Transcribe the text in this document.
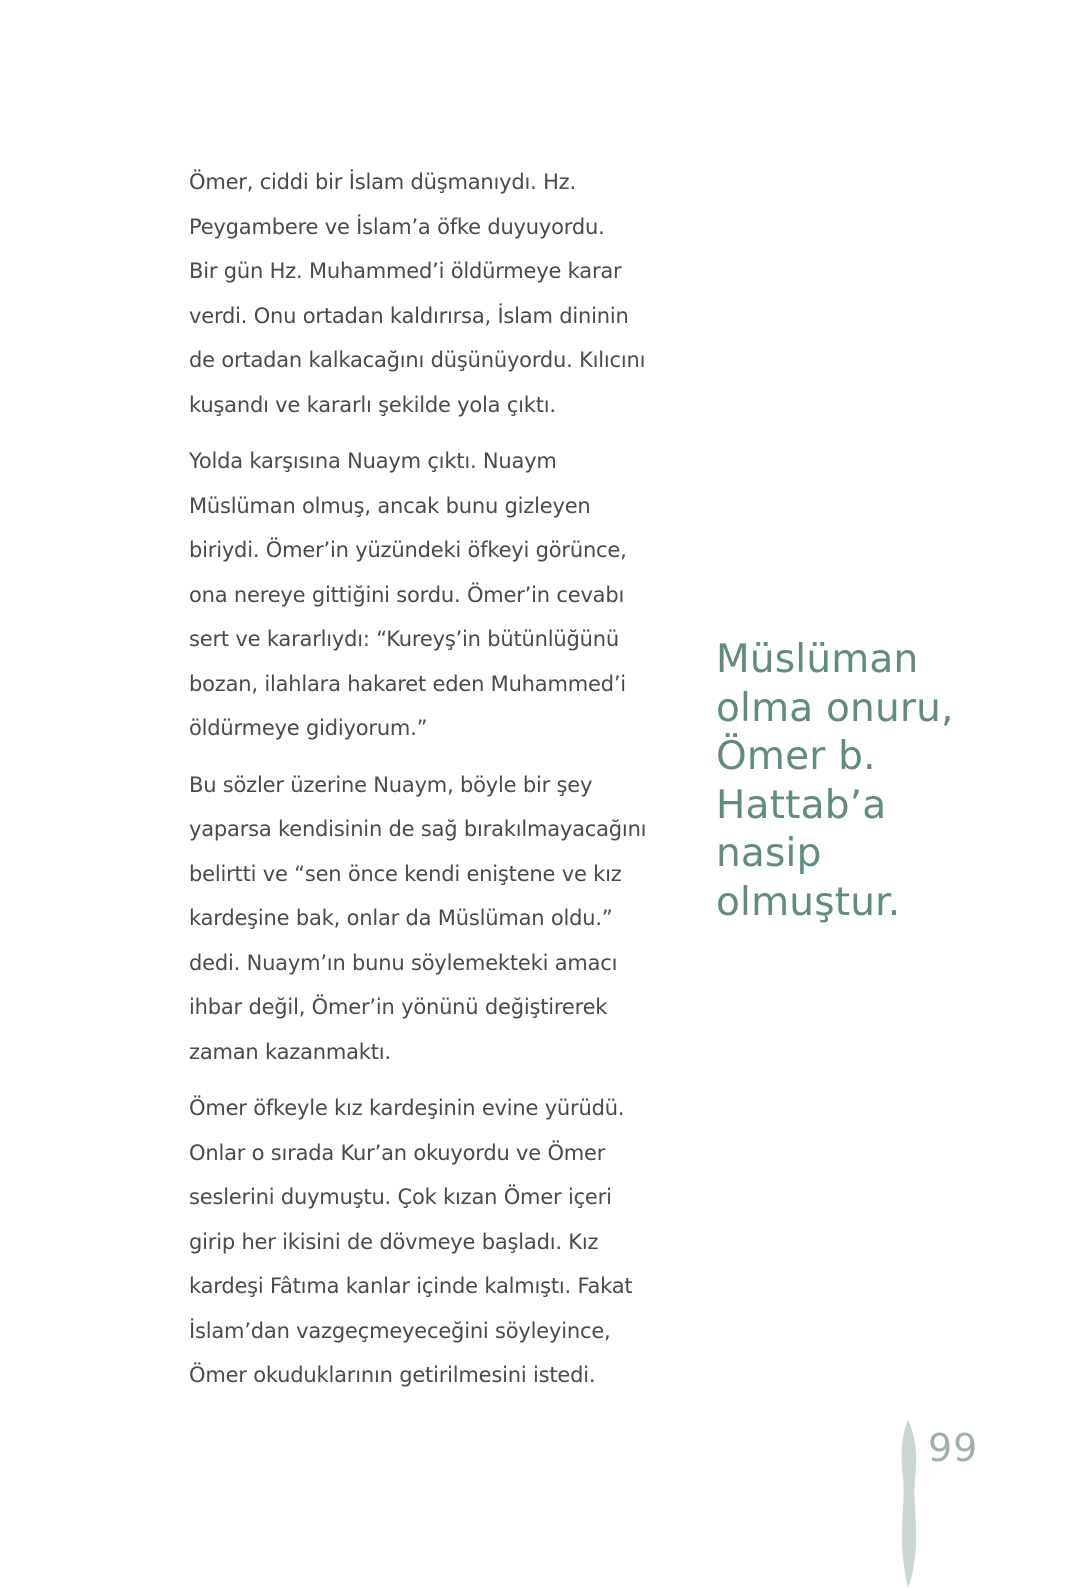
Ömer, ciddi bir İslam düşmanıydı. Hz.
Peygambere ve İslam’a öfke duyuyordu.
Bir gün Hz. Muhammed’i öldürmeye karar
verdi. Onu ortadan kaldırırsa, İslam dininin
de ortadan kalkacağını düşünüyordu. Kılıcını
kuşandı ve kararlı şekilde yola çıktı.

Yolda karşısına Nuaym çıktı. Nuaym
Müslüman olmuş, ancak bunu gizleyen
biriydi. Ömer’in yüzündeki öfkeyi görünce,
ona nereye gittiğini sordu. Ömer’in cevabı
sert ve kararlıydı: “Kureyş’in bütünlüğünü
bozan, ilahlara hakaret eden Muhammed’i
öldürmeye gidiyorum.”

Bu sözler üzerine Nuaym, böyle bir şey
yaparsa kendisinin de sağ bırakılmayacağını
belirtti ve “sen önce kendi eniştene ve kız
kardeşine bak, onlar da Müslüman oldu.”
dedi. Nuaym’ın bunu söylemekteki amacı
ihbar değil, Ömer’in yönünü değiştirerek
zaman kazanmaktı.

Ömer öfkeyle kız kardeşinin evine yürüdü.
Onlar o sırada Kur’an okuyordu ve Ömer
seslerini duymuştu. Çok kızan Ömer içeri
girip her ikisini de dövmeye başladı. Kız
kardeşi Fâtıma kanlar içinde kalmıştı. Fakat
İslam’dan vazgeçmeyeceğini söyleyince,
Ömer okuduklarının getirilmesini istedi.

Müslüman
olma onuru,
Ömer b.
Hattab’a
nasip
olmuştur.
99
